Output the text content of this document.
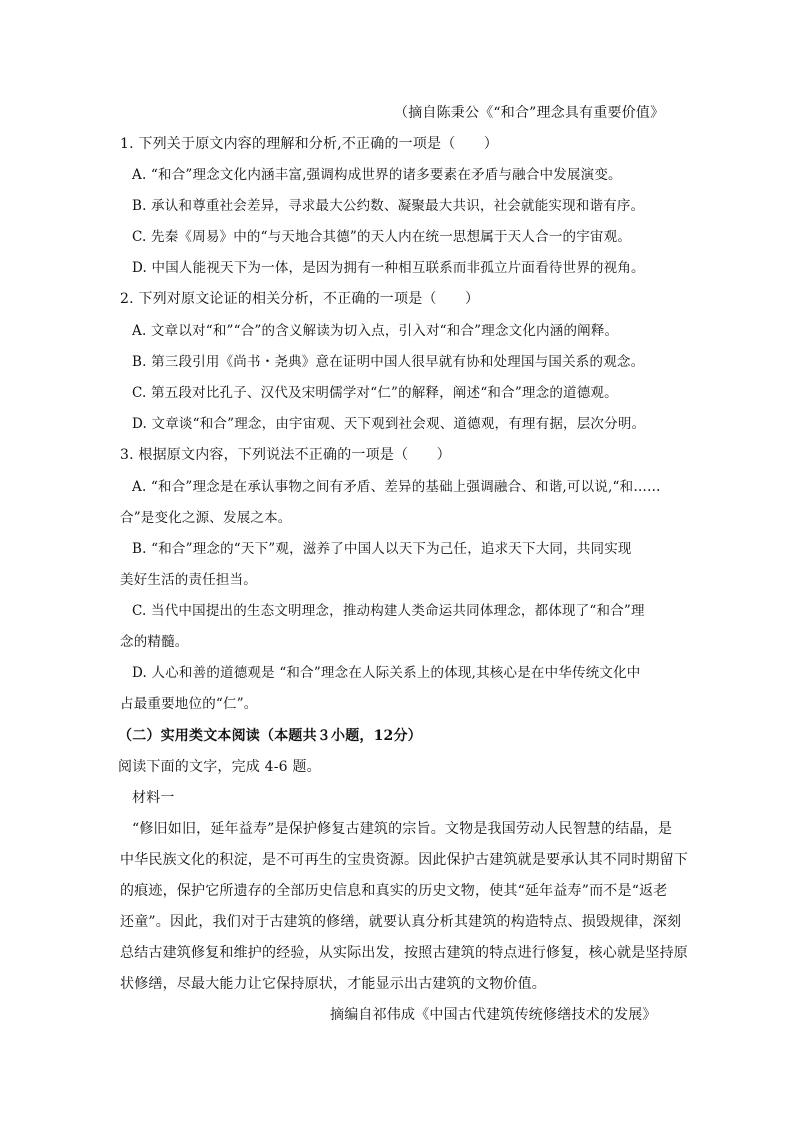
（摘自陈秉公《“和合”理念具有重要价值》
1. 下列关于原文内容的理解和分析,不正确的一项是（　　）
A. “和合”理念文化内涵丰富,强调构成世界的诸多要素在矛盾与融合中发展演变。
B. 承认和尊重社会差异，寻求最大公约数、凝聚最大共识，社会就能实现和谐有序。
C. 先秦《周易》中的“与天地合其德”的天人内在统一思想属于天人合一的宇宙观。
D. 中国人能视天下为一体，是因为拥有一种相互联系而非孤立片面看待世界的视角。
2. 下列对原文论证的相关分析，不正确的一项是（　　）
A. 文章以对“和”“合”的含义解读为切入点，引入对“和合”理念文化内涵的阐释。
B. 第三段引用《尚书・尧典》意在证明中国人很早就有协和处理国与国关系的观念。
C. 第五段对比孔子、汉代及宋明儒学对“仁”的解释，阐述“和合”理念的道德观。
D. 文章谈“和合”理念，由宇宙观、天下观到社会观、道德观，有理有据，层次分明。
3. 根据原文内容，下列说法不正确的一项是（　　）
A. “和合”理念是在承认事物之间有矛盾、差异的基础上强调融合、和谐,可以说,“和……
合”是变化之源、发展之本。
B. “和合”理念的“天下”观，滋养了中国人以天下为己任，追求天下大同，共同实现
美好生活的责任担当。
C. 当代中国提出的生态文明理念，推动构建人类命运共同体理念，都体现了“和合”理
念的精髓。
D. 人心和善的道德观是 “和合”理念在人际关系上的体现,其核心是在中华传统文化中
占最重要地位的“仁”。
（二）实用类文本阅读（本题共３小题，12分）
阅读下面的文字，完成 4-6 题。
材料一
“修旧如旧，延年益寿”是保护修复古建筑的宗旨。文物是我国劳动人民智慧的结晶，是
中华民族文化的积淀，是不可再生的宝贵资源。因此保护古建筑就是要承认其不同时期留下
的痕迹，保护它所遗存的全部历史信息和真实的历史文物，使其“延年益寿”而不是“返老
还童”。因此，我们对于古建筑的修缮，就要认真分析其建筑的构造特点、损毁规律，深刻
总结古建筑修复和维护的经验，从实际出发，按照古建筑的特点进行修复，核心就是坚持原
状修缮，尽最大能力让它保持原状，才能显示出古建筑的文物价值。
摘编自祁伟成《中国古代建筑传统修缮技术的发展》
